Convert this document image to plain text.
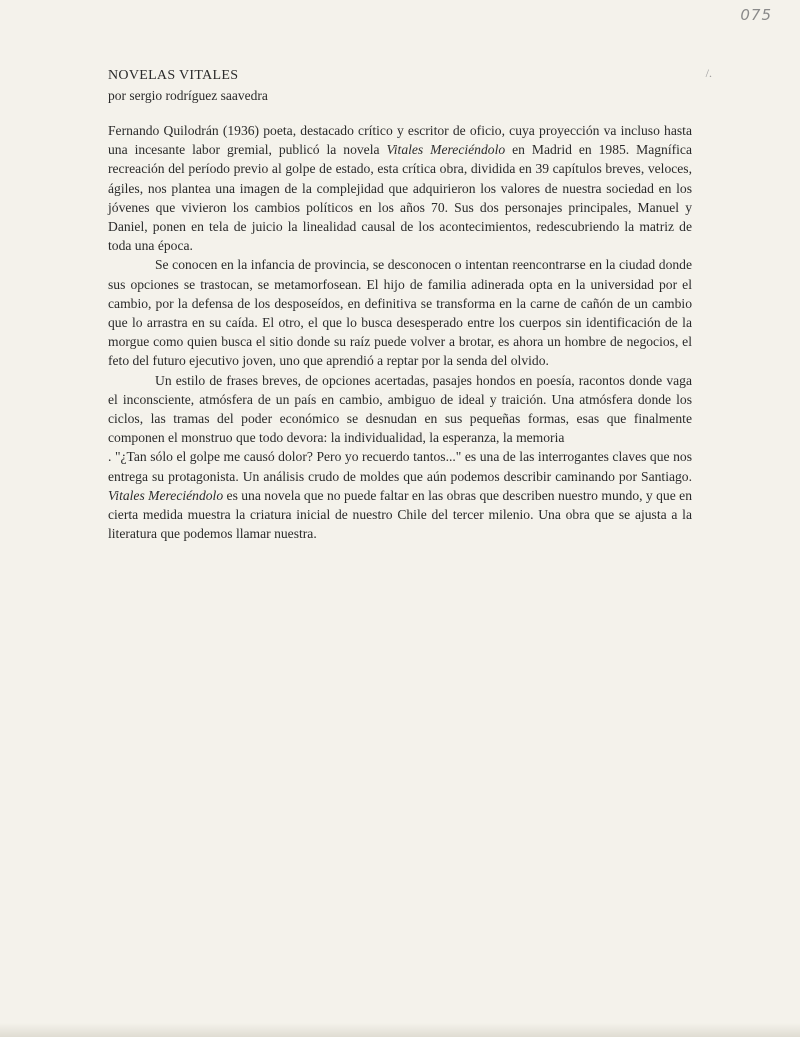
075
/.
NOVELAS VITALES
por sergio rodríguez saavedra

Fernando Quilodrán (1936) poeta, destacado crítico y escritor de oficio, cuya proyección va incluso hasta una incesante labor gremial, publicó la novela Vitales Mereciéndolo en Madrid en 1985. Magnífica recreación del período previo al golpe de estado, esta crítica obra, dividida en 39 capítulos breves, veloces, ágiles, nos plantea una imagen de la complejidad que adquirieron los valores de nuestra sociedad en los jóvenes que vivieron los cambios políticos en los años 70. Sus dos personajes principales, Manuel y Daniel, ponen en tela de juicio la linealidad causal de los acontecimientos, redescubriendo la matriz de toda una época.

Se conocen en la infancia de provincia, se desconocen o intentan reencontrarse en la ciudad donde sus opciones se trastocan, se metamorfosean. El hijo de familia adinerada opta en la universidad por el cambio, por la defensa de los desposeídos, en definitiva se transforma en la carne de cañón de un cambio que lo arrastra en su caída. El otro, el que lo busca desesperado entre los cuerpos sin identificación de la morgue como quien busca el sitio donde su raíz puede volver a brotar, es ahora un hombre de negocios, el feto del futuro ejecutivo joven, uno que aprendió a reptar por la senda del olvido.

Un estilo de frases breves, de opciones acertadas, pasajes hondos en poesía, racontos donde vaga el inconsciente, atmósfera de un país en cambio, ambiguo de ideal y traición. Una atmósfera donde los ciclos, las tramas del poder económico se desnudan en sus pequeñas formas, esas que finalmente componen el monstruo que todo devora: la individualidad, la esperanza, la memoria

. "¿Tan sólo el golpe me causó dolor? Pero yo recuerdo tantos..." es una de las interrogantes claves que nos entrega su protagonista. Un análisis crudo de moldes que aún podemos describir caminando por Santiago. Vitales Mereciéndolo es una novela que no puede faltar en las obras que describen nuestro mundo, y que en cierta medida muestra la criatura inicial de nuestro Chile del tercer milenio. Una obra que se ajusta a la literatura que podemos llamar nuestra.
